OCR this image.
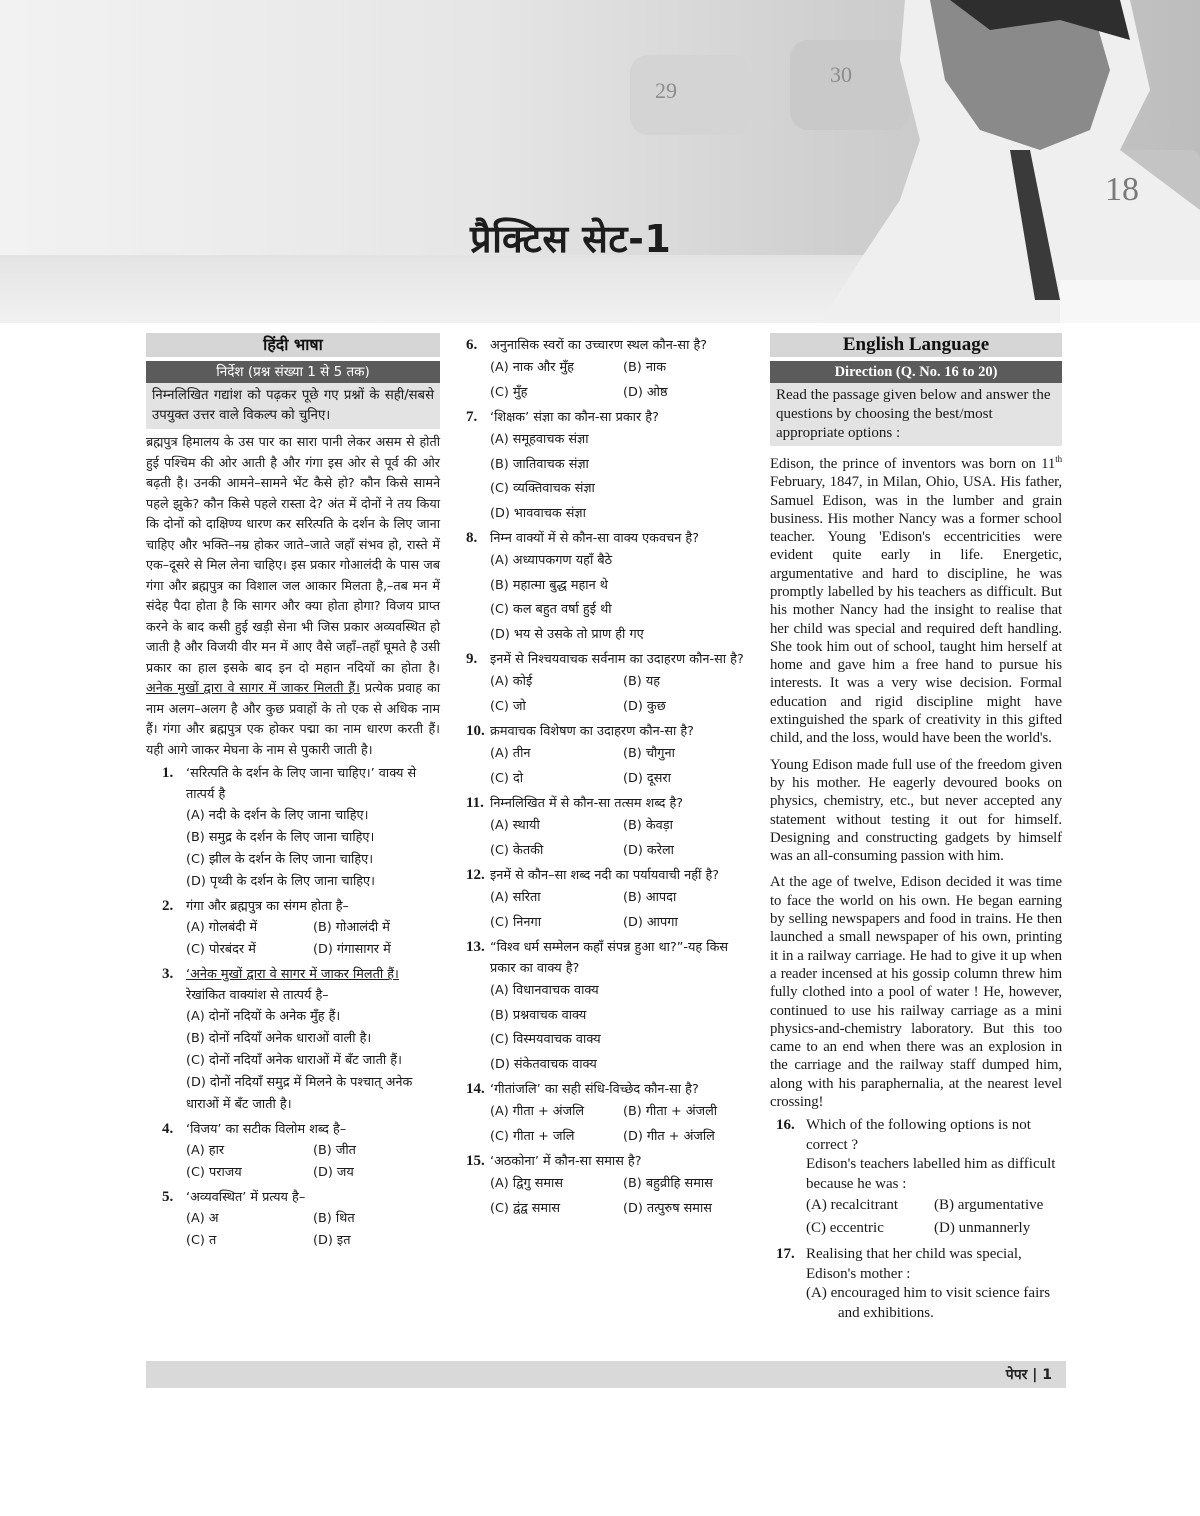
29
30
18
प्रैक्टिस सेट-1
हिंदी भाषा
निर्देश (प्रश्न संख्या 1 से 5 तक)
निम्नलिखित गद्यांश को पढ़कर पूछे गए प्रश्नों के सही/सबसे उपयुक्त उत्तर वाले विकल्प को चुनिए।
ब्रह्मपुत्र हिमालय के उस पार का सारा पानी लेकर असम से होती हुई पश्चिम की ओर आती है और गंगा इस ओर से पूर्व की ओर बढ़ती है। उनकी आमने–सामने भेंट कैसे हो? कौन किसे सामने पहले झुके? कौन किसे पहले रास्ता दे? अंत में दोनों ने तय किया कि दोनों को दाक्षिण्य धारण कर सरित्पति के दर्शन के लिए जाना चाहिए और भक्ति–नम्र होकर जाते–जाते जहाँ संभव हो, रास्ते में एक–दूसरे से मिल लेना चाहिए। इस प्रकार गोआलंदी के पास जब गंगा और ब्रह्मपुत्र का विशाल जल आकार मिलता है,–तब मन में संदेह पैदा होता है कि सागर और क्या होता होगा? विजय प्राप्त करने के बाद कसी हुई खड़ी सेना भी जिस प्रकार अव्यवस्थित हो जाती है और विजयी वीर मन में आए वैसे जहाँ–तहाँ घूमते है उसी प्रकार का हाल इसके बाद इन दो महान नदियों का होता है। अनेक मुखों द्वारा वे सागर में जाकर मिलती हैं। प्रत्येक प्रवाह का नाम अलग–अलग है और कुछ प्रवाहों के तो एक से अधिक नाम हैं। गंगा और ब्रह्मपुत्र एक होकर पद्मा का नाम धारण करती हैं। यही आगे जाकर मेघना के नाम से पुकारी जाती है।
1. ‘सरित्पति के दर्शन के लिए जाना चाहिए।’ वाक्य से तात्पर्य है
(A) नदी के दर्शन के लिए जाना चाहिए।
(B) समुद्र के दर्शन के लिए जाना चाहिए।
(C) झील के दर्शन के लिए जाना चाहिए।
(D) पृथ्वी के दर्शन के लिए जाना चाहिए।
2. गंगा और ब्रह्मपुत्र का संगम होता है–
(A) गोलबंदी में	(B) गोआलंदी में
(C) पोरबंदर में	(D) गंगासागर में
3. ‘अनेक मुखों द्वारा वे सागर में जाकर मिलती हैं। रेखांकित वाक्यांश से तात्पर्य है–
(A) दोनों नदियों के अनेक मुँह हैं।
(B) दोनों नदियाँ अनेक धाराओं वाली है।
(C) दोनों नदियाँ अनेक धाराओं में बँट जाती हैं।
(D) दोनों नदियाँ समुद्र में मिलने के पश्चात् अनेक धाराओं में बँट जाती है।
4. ‘विजय’ का सटीक विलोम शब्द है–
(A) हार	(B) जीत
(C) पराजय	(D) जय
5. ‘अव्यवस्थित’ में प्रत्यय है–
(A) अ	(B) थित
(C) त	(D) इत
6. अनुनासिक स्वरों का उच्चारण स्थल कौन-सा है?
(A) नाक और मुँह	(B) नाक
(C) मुँह	(D) ओष्ठ
7. ‘शिक्षक’ संज्ञा का कौन-सा प्रकार है?
(A) समूहवाचक संज्ञा
(B) जातिवाचक संज्ञा
(C) व्यक्तिवाचक संज्ञा
(D) भाववाचक संज्ञा
8. निम्न वाक्यों में से कौन-सा वाक्य एकवचन है?
(A) अध्यापकगण यहाँ बैठे
(B) महात्मा बुद्ध महान थे
(C) कल बहुत वर्षा हुई थी
(D) भय से उसके तो प्राण ही गए
9. इनमें से निश्चयवाचक सर्वनाम का उदाहरण कौन-सा है?
(A) कोई	(B) यह
(C) जो	(D) कुछ
10. क्रमवाचक विशेषण का उदाहरण कौन-सा है?
(A) तीन	(B) चौगुना
(C) दो	(D) दूसरा
11. निम्नलिखित में से कौन-सा तत्सम शब्द है?
(A) स्थायी	(B) केवड़ा
(C) केतकी	(D) करेला
12. इनमें से कौन–सा शब्द नदी का पर्यायवाची नहीं है?
(A) सरिता	(B) आपदा
(C) निनगा	(D) आपगा
13. “विश्व धर्म सम्मेलन कहाँ संपन्न हुआ था?”-यह किस प्रकार का वाक्य है?
(A) विधानवाचक वाक्य
(B) प्रश्नवाचक वाक्य
(C) विस्मयवाचक वाक्य
(D) संकेतवाचक वाक्य
14. ‘गीतांजलि’ का सही संधि-विच्छेद कौन-सा है?
(A) गीता + अंजलि	(B) गीता + अंजली
(C) गीता + जलि	(D) गीत + अंजलि
15. ‘अठकोना’ में कौन-सा समास है?
(A) द्विगु समास	(B) बहुव्रीहि समास
(C) द्वंद्व समास	(D) तत्पुरुष समास
English Language
Direction (Q. No. 16 to 20)
Read the passage given below and answer the questions by choosing the best/most appropriate options :
Edison, the prince of inventors was born on 11th February, 1847, in Milan, Ohio, USA. His father, Samuel Edison, was in the lumber and grain business. His mother Nancy was a former school teacher. Young 'Edison's eccentricities were evident quite early in life. Energetic, argumentative and hard to discipline, he was promptly labelled by his teachers as difficult. But his mother Nancy had the insight to realise that her child was special and required deft handling. She took him out of school, taught him herself at home and gave him a free hand to pursue his interests. It was a very wise decision. Formal education and rigid discipline might have extinguished the spark of creativity in this gifted child, and the loss, would have been the world's.
Young Edison made full use of the freedom given by his mother. He eagerly devoured books on physics, chemistry, etc., but never accepted any statement without testing it out for himself. Designing and constructing gadgets by himself was an all-consuming passion with him.
At the age of twelve, Edison decided it was time to face the world on his own. He began earning by selling newspapers and food in trains. He then launched a small newspaper of his own, printing it in a railway carriage. He had to give it up when a reader incensed at his gossip column threw him fully clothed into a pool of water ! He, however, continued to use his railway carriage as a mini physics-and-chemistry laboratory. But this too came to an end when there was an explosion in the carriage and the railway staff dumped him, along with his paraphernalia, at the nearest level crossing!
16. Which of the following options is not correct ?
Edison's teachers labelled him as difficult because he was :
(A) recalcitrant	(B) argumentative
(C) eccentric	(D) unmannerly
17. Realising that her child was special, Edison's mother :
(A) encouraged him to visit science fairs and exhibitions.
पेपर | 1
